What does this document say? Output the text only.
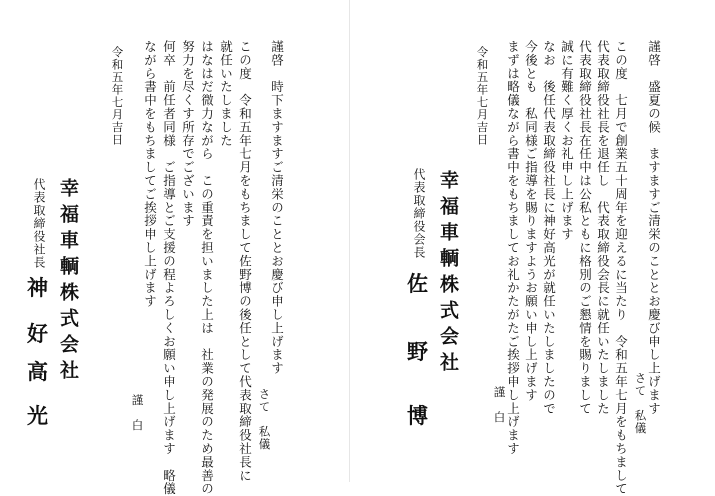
謹啓　時下ますますご清栄のこととお慶び申し上げます
さて　私儀
この度　令和五年七月をもちまして佐野博の後任として代表取締役社長に
就任いたしました
はなはだ微力ながら　この重責を担いました上は　社業の発展のため最善の
努力を尽くす所存でございます
何卒　前任者同様　ご指導とご支援の程よろしくお願い申し上げます　略儀
ながら書中をもちましてご挨拶申し上げます
謹　白
令和五年七月吉日
幸福車輌株式会社
代表取締役社長
神
好
高
光
謹啓　盛夏の候　ますますご清栄のこととお慶び申し上げます
さて　私儀
この度　七月で創業五十周年を迎えるに当たり　令和五年七月をもちまして
代表取締役社長を退任し　代表取締役会長に就任いたしました
代表取締役社長在任中は公私ともに格別のご懇情を賜りまして
誠に有難く厚くお礼申し上げます
なお　後任代表取締役社長に神好高光が就任いたしましたので
今後とも　私同様ご指導を賜りますようお願い申し上げます
まずは略儀ながら書中をもちましてお礼かたがたご挨拶申し上げます
謹　白
令和五年七月吉日
幸福車輌株式会社
代表取締役会長
佐
野
博
